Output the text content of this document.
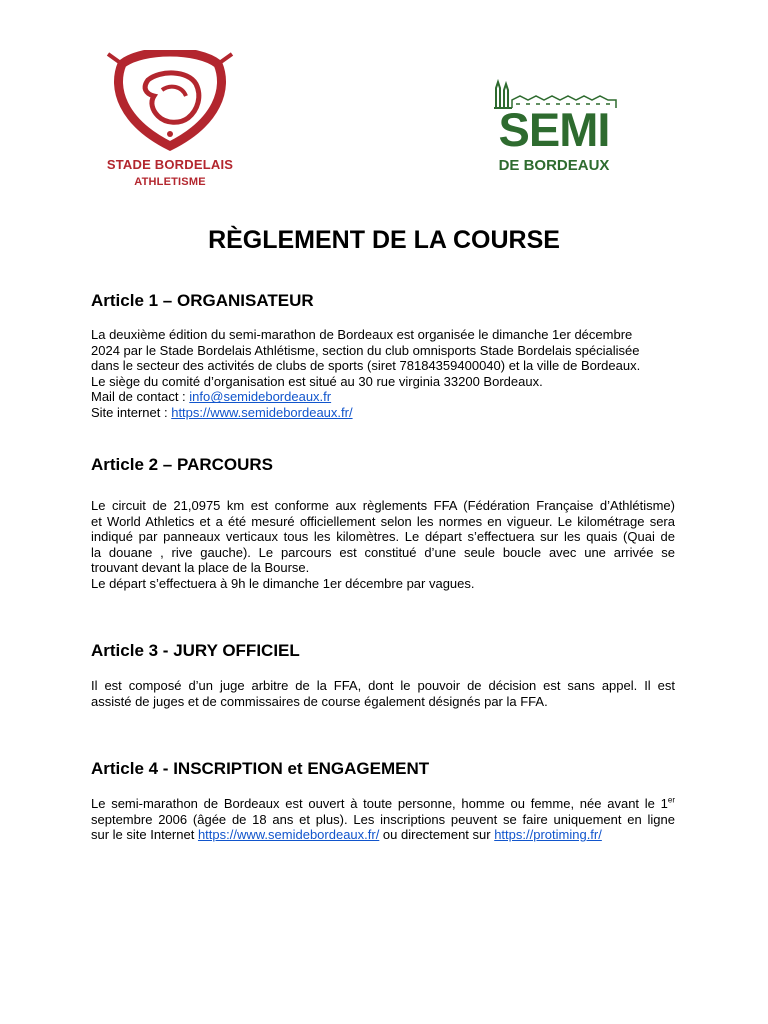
STADE BORDELAIS
ATHLETISME
SEMI
DE BORDEAUX
RÈGLEMENT DE LA COURSE
Article 1 – ORGANISATEUR
La deuxième édition du semi-marathon de Bordeaux est organisée le dimanche 1er décembre
2024 par le Stade Bordelais Athlétisme, section du club omnisports Stade Bordelais spécialisée
dans le secteur des activités de clubs de sports (siret 78184359400040) et la ville de Bordeaux.
Le siège du comité d’organisation est situé au 30 rue virginia 33200 Bordeaux.
Mail de contact : info@semidebordeaux.fr
Site internet : https://www.semidebordeaux.fr/
Article 2 – PARCOURS
Le circuit de 21,0975 km est conforme aux règlements FFA (Fédération Française d’Athlétisme)
et World Athletics et a été mesuré officiellement selon les normes en vigueur. Le kilométrage sera
indiqué par panneaux verticaux tous les kilomètres. Le départ s’effectuera sur les quais (Quai de
la douane , rive gauche). Le parcours est constitué d’une seule boucle avec une arrivée se
trouvant devant la place de la Bourse.
Le départ s’effectuera à 9h le dimanche 1er décembre par vagues.
Article 3 - JURY OFFICIEL
Il est composé d’un juge arbitre de la FFA, dont le pouvoir de décision est sans appel. Il est
assisté de juges et de commissaires de course également désignés par la FFA.
Article 4 - INSCRIPTION et ENGAGEMENT
Le semi-marathon de Bordeaux est ouvert à toute personne, homme ou femme, née avant le 1er
septembre 2006 (âgée de 18 ans et plus). Les inscriptions peuvent se faire uniquement en ligne
sur le site Internet https://www.semidebordeaux.fr/ ou directement sur https://protiming.fr/
